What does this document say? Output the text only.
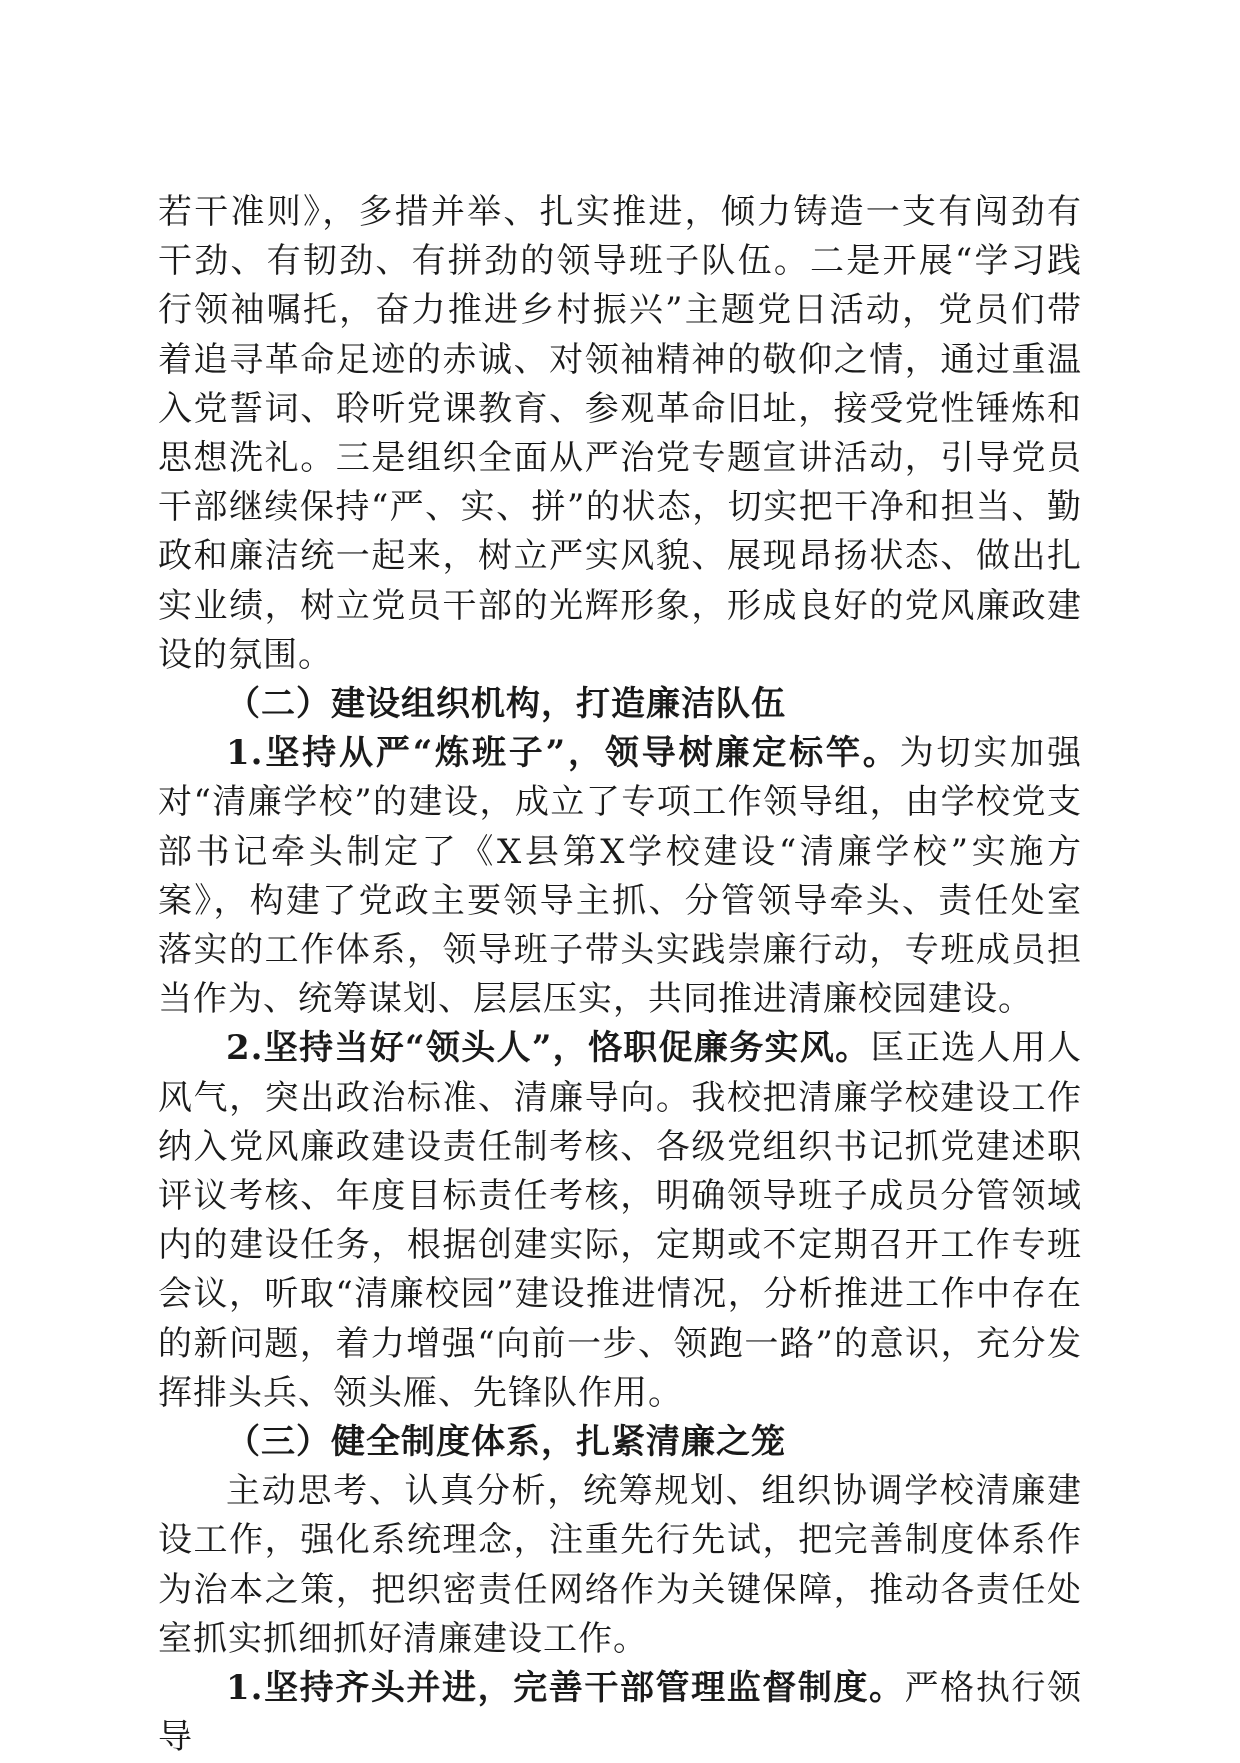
若干准则》，多措并举、扎实推进，倾力铸造一支有闯劲有干劲、有韧劲、有拼劲的领导班子队伍。二是开展“学习践行领袖嘱托，奋力推进乡村振兴”主题党日活动，党员们带着追寻革命足迹的赤诚、对领袖精神的敬仰之情，通过重温入党誓词、聆听党课教育、参观革命旧址，接受党性锤炼和思想洗礼。三是组织全面从严治党专题宣讲活动，引导党员干部继续保持“严、实、拼”的状态，切实把干净和担当、勤政和廉洁统一起来，树立严实风貌、展现昂扬状态、做出扎实业绩，树立党员干部的光辉形象，形成良好的党风廉政建设的氛围。

（二）建设组织机构，打造廉洁队伍

1.坚持从严“炼班子”，领导树廉定标竿。为切实加强对“清廉学校”的建设，成立了专项工作领导组，由学校党支部书记牵头制定了《X县第X学校建设“清廉学校”实施方案》，构建了党政主要领导主抓、分管领导牵头、责任处室落实的工作体系，领导班子带头实践崇廉行动，专班成员担当作为、统筹谋划、层层压实，共同推进清廉校园建设。

2.坚持当好“领头人”，恪职促廉务实风。匡正选人用人风气，突出政治标准、清廉导向。我校把清廉学校建设工作纳入党风廉政建设责任制考核、各级党组织书记抓党建述职评议考核、年度目标责任考核，明确领导班子成员分管领域内的建设任务，根据创建实际，定期或不定期召开工作专班会议，听取“清廉校园”建设推进情况，分析推进工作中存在的新问题，着力增强“向前一步、领跑一路”的意识，充分发挥排头兵、领头雁、先锋队作用。

（三）健全制度体系，扎紧清廉之笼

主动思考、认真分析，统筹规划、组织协调学校清廉建设工作，强化系统理念，注重先行先试，把完善制度体系作为治本之策，把织密责任网络作为关键保障，推动各责任处室抓实抓细抓好清廉建设工作。

1.坚持齐头并进，完善干部管理监督制度。严格执行领导
